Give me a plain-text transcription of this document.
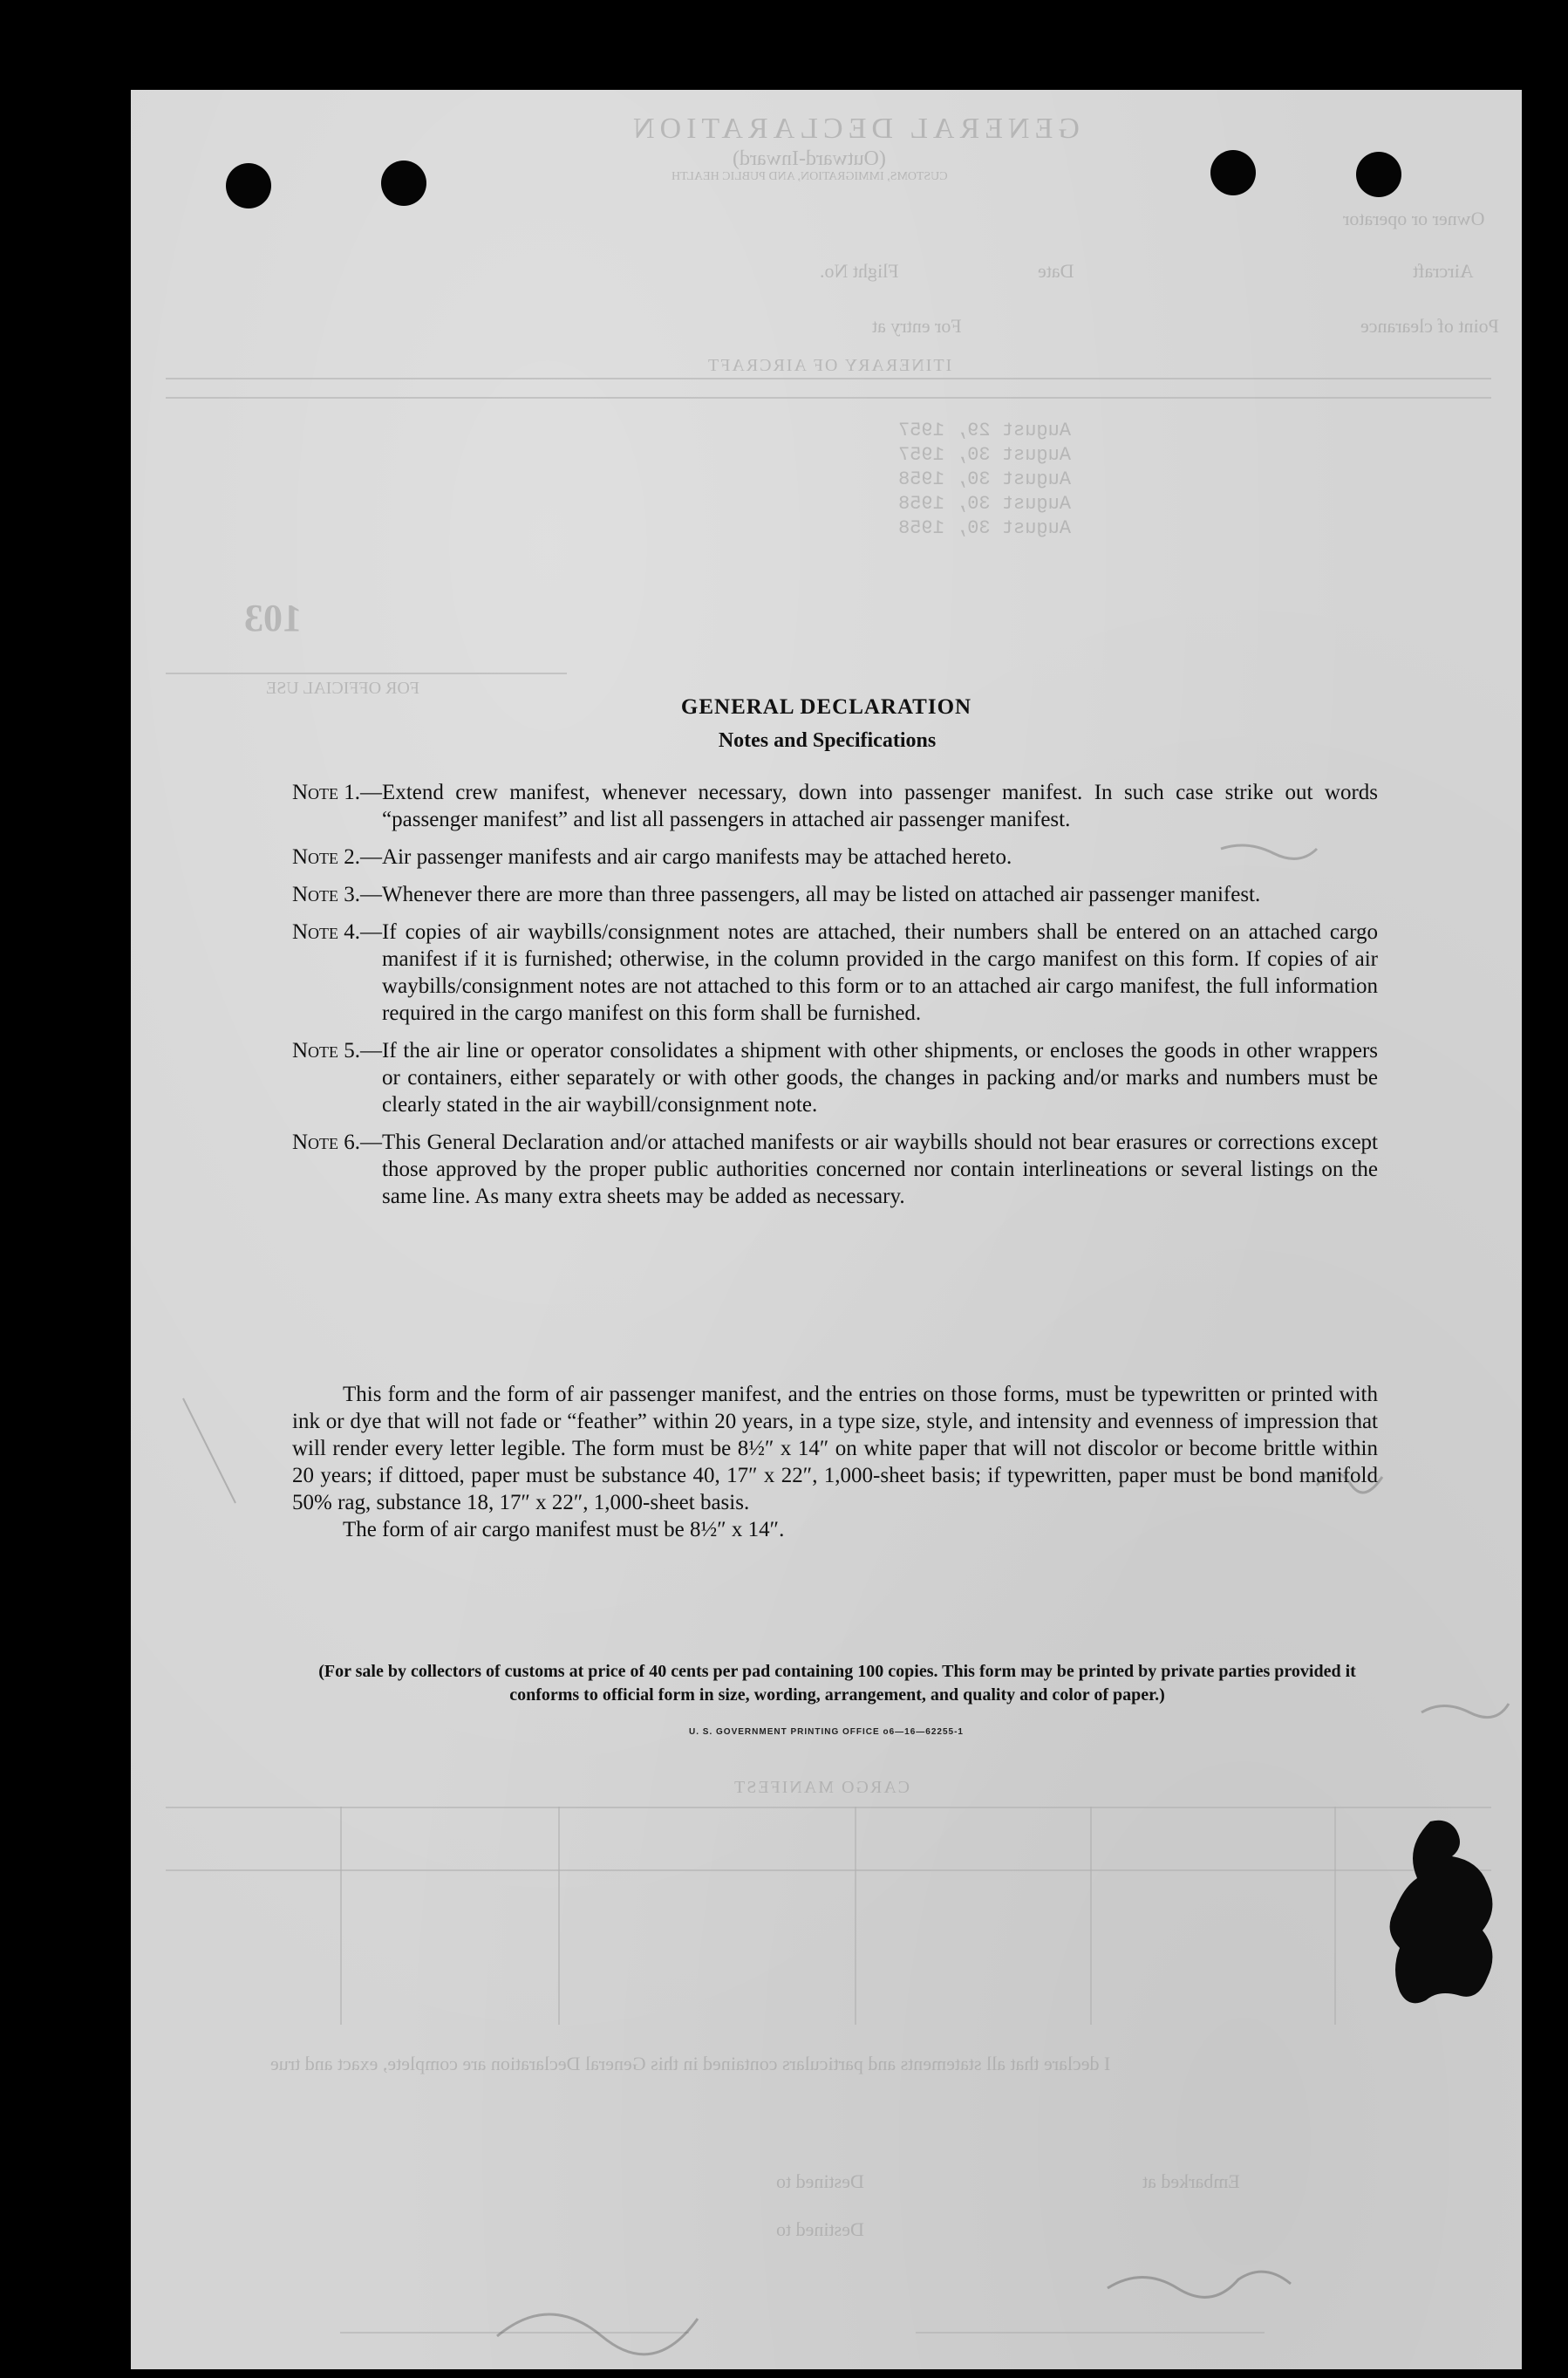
GENERAL DECLARATION
(Outward-Inward)
CUSTOMS, IMMIGRATION, AND PUBLIC HEALTH
Owner or operator
Aircraft
Flight No.	Date
Point of clearance
For entry at
ITINERARY OF AIRCRAFT
August 29, 1957
August 30, 1957
August 30, 1958
August 30, 1958
August 30, 1958
103
FOR OFFICIAL USE
CARGO MANIFEST
I declare that all statements and particulars contained in this General Declaration are complete, exact and true
Destined to
Destined to
Embarked at
GENERAL DECLARATION
Notes and Specifications
Note 1.— Extend crew manifest, whenever necessary, down into passenger manifest. In such case strike out words “passenger manifest” and list all passengers in attached air passenger manifest.
Note 2.— Air passenger manifests and air cargo manifests may be attached hereto.
Note 3.— Whenever there are more than three passengers, all may be listed on attached air passenger manifest.
Note 4.— If copies of air waybills/consignment notes are attached, their numbers shall be entered on an attached cargo manifest if it is furnished; otherwise, in the column provided in the cargo manifest on this form. If copies of air waybills/consignment notes are not attached to this form or to an attached air cargo manifest, the full information required in the cargo manifest on this form shall be furnished.
Note 5.— If the air line or operator consolidates a shipment with other shipments, or encloses the goods in other wrappers or containers, either separately or with other goods, the changes in packing and/or marks and numbers must be clearly stated in the air waybill/consignment note.
Note 6.— This General Declaration and/or attached manifests or air waybills should not bear erasures or corrections except those approved by the proper public authorities concerned nor contain interlineations or several listings on the same line. As many extra sheets may be added as necessary.

This form and the form of air passenger manifest, and the entries on those forms, must be typewritten or printed with ink or dye that will not fade or “feather” within 20 years, in a type size, style, and intensity and evenness of impression that will render every letter legible. The form must be 8½″ x 14″ on white paper that will not discolor or become brittle within 20 years; if dittoed, paper must be substance 40, 17″ x 22″, 1,000-sheet basis; if typewritten, paper must be bond manifold 50% rag, substance 18, 17″ x 22″, 1,000-sheet basis.

The form of air cargo manifest must be 8½″ x 14″.

(For sale by collectors of customs at price of 40 cents per pad containing 100 copies. This form may be printed by private parties provided it conforms to official form in size, wording, arrangement, and quality and color of paper.)
U. S. GOVERNMENT PRINTING OFFICE o6—16—62255-1
